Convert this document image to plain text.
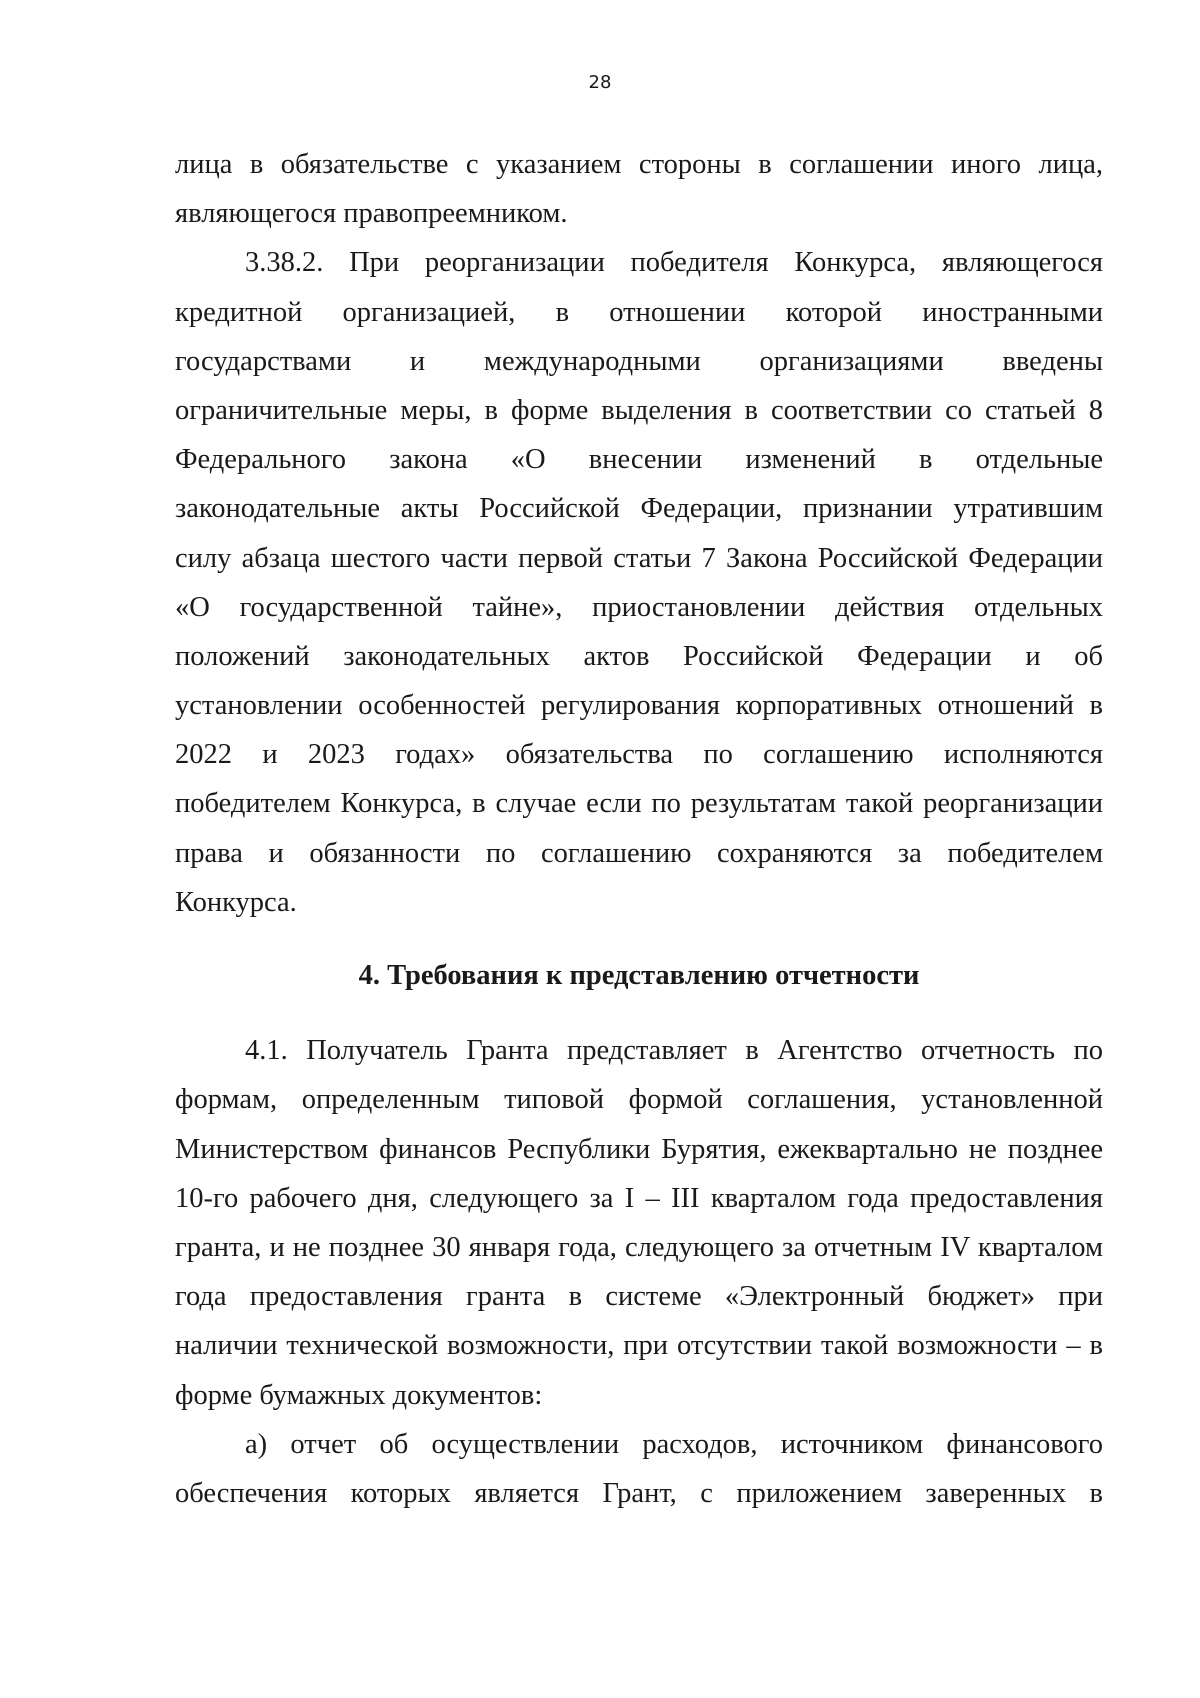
28
лица в обязательстве с указанием стороны в соглашении иного лица,
являющегося правопреемником.
3.38.2. При реорганизации победителя Конкурса, являющегося
кредитной организацией, в отношении которой иностранными
государствами и международными организациями введены
ограничительные меры, в форме выделения в соответствии со статьей 8
Федерального закона «О внесении изменений в отдельные
законодательные акты Российской Федерации, признании утратившим
силу абзаца шестого части первой статьи 7 Закона Российской Федерации
«О государственной тайне», приостановлении действия отдельных
положений законодательных актов Российской Федерации и об
установлении особенностей регулирования корпоративных отношений в
2022 и 2023 годах» обязательства по соглашению исполняются
победителем Конкурса, в случае если по результатам такой реорганизации
права и обязанности по соглашению сохраняются за победителем
Конкурса.
4. Требования к представлению отчетности
4.1. Получатель Гранта представляет в Агентство отчетность по
формам, определенным типовой формой соглашения, установленной
Министерством финансов Республики Бурятия, ежеквартально не позднее
10-го рабочего дня, следующего за I – III кварталом года предоставления
гранта, и не позднее 30 января года, следующего за отчетным IV кварталом
года предоставления гранта в системе «Электронный бюджет» при
наличии технической возможности, при отсутствии такой возможности – в
форме бумажных документов:
а) отчет об осуществлении расходов, источником финансового
обеспечения которых является Грант, с приложением заверенных в
